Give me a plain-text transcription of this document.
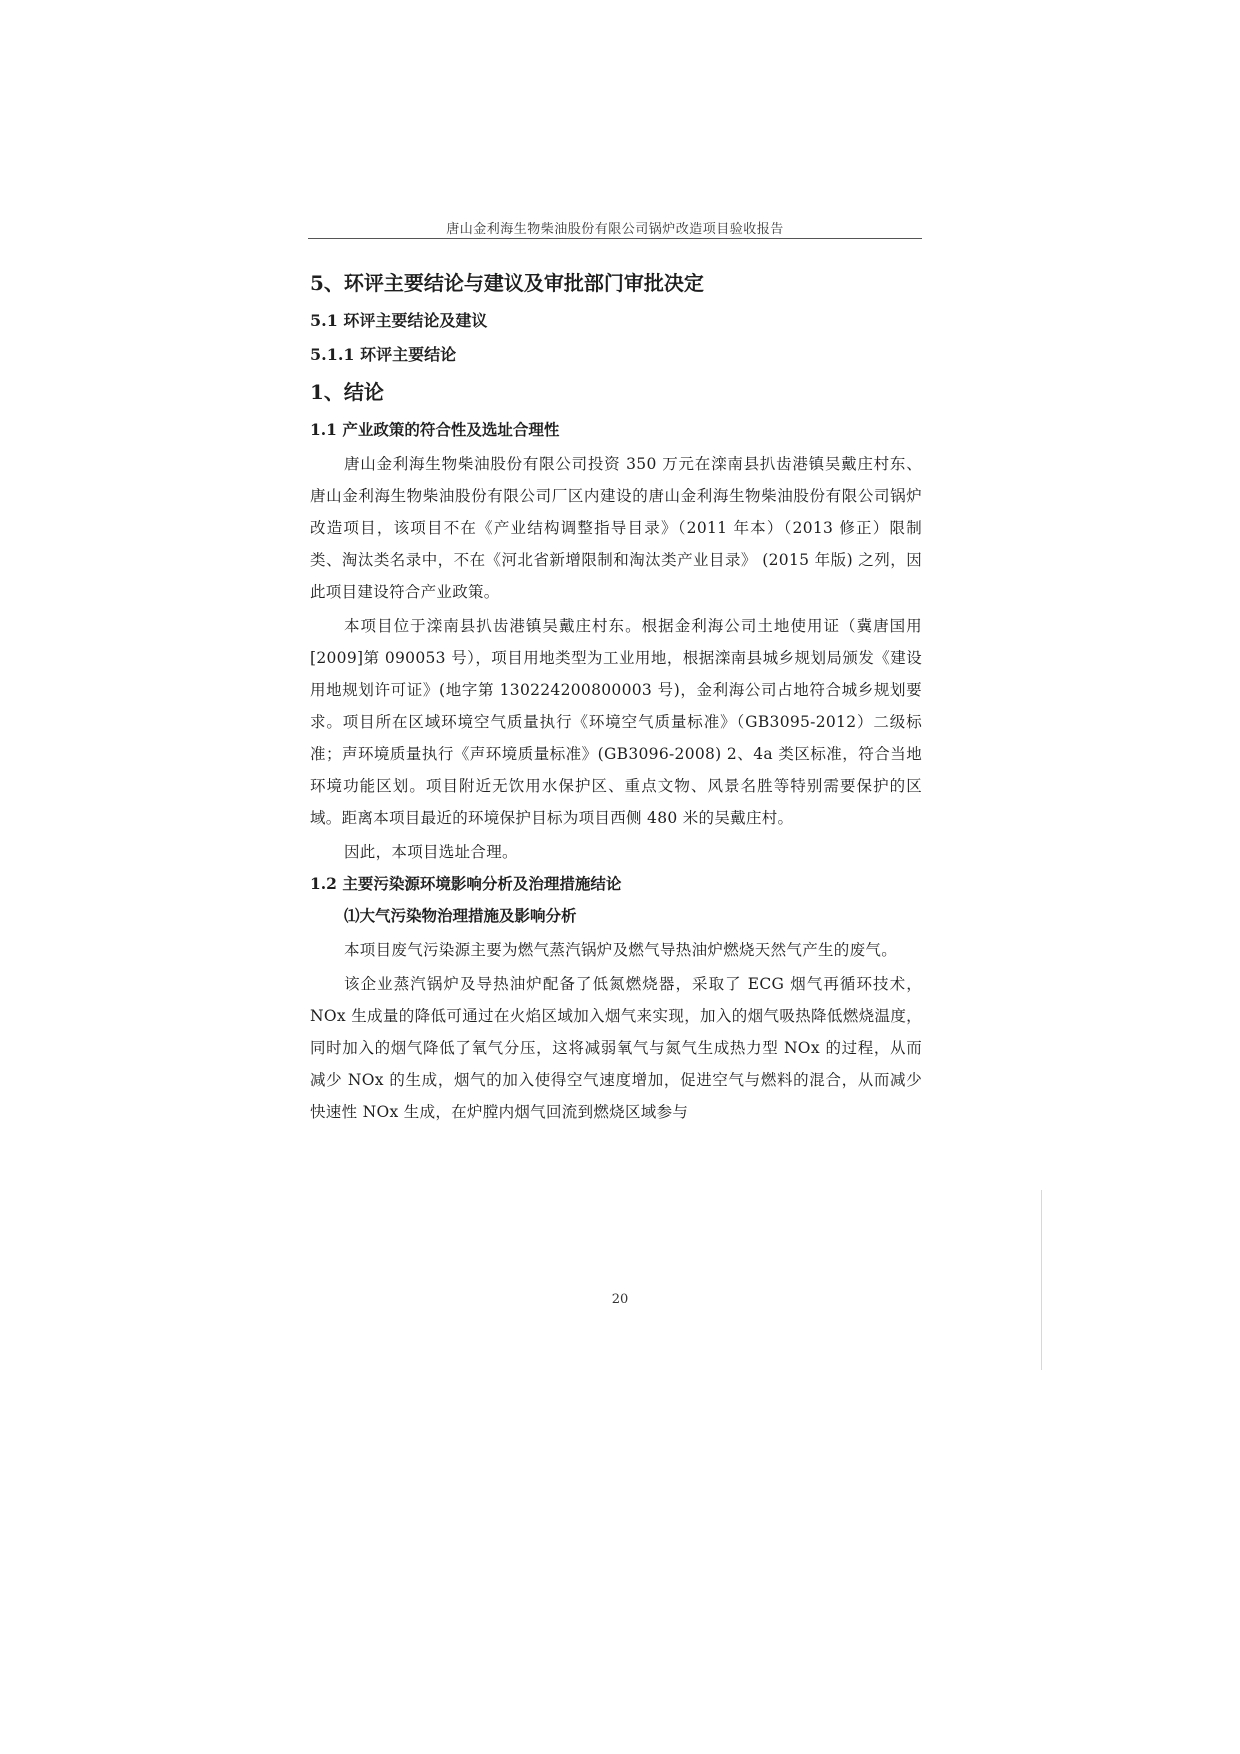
唐山金利海生物柴油股份有限公司锅炉改造项目验收报告
5、环评主要结论与建议及审批部门审批决定
5.1 环评主要结论及建议
5.1.1 环评主要结论
1、结论
1.1 产业政策的符合性及选址合理性

唐山金利海生物柴油股份有限公司投资 350 万元在滦南县扒齿港镇吴戴庄村东、唐山金利海生物柴油股份有限公司厂区内建设的唐山金利海生物柴油股份有限公司锅炉改造项目，该项目不在《产业结构调整指导目录》（2011 年本）（2013 修正）限制类、淘汰类名录中，不在《河北省新增限制和淘汰类产业目录》 (2015 年版) 之列，因此项目建设符合产业政策。

本项目位于滦南县扒齿港镇吴戴庄村东。根据金利海公司土地使用证（冀唐国用[2009]第 090053 号），项目用地类型为工业用地，根据滦南县城乡规划局颁发《建设用地规划许可证》(地字第 130224200800003 号)，金利海公司占地符合城乡规划要求。项目所在区域环境空气质量执行《环境空气质量标准》（GB3095-2012）二级标准；声环境质量执行《声环境质量标准》(GB3096-2008) 2、4a 类区标准，符合当地环境功能区划。项目附近无饮用水保护区、重点文物、风景名胜等特别需要保护的区域。距离本项目最近的环境保护目标为项目西侧 480 米的吴戴庄村。

因此，本项目选址合理。

1.2 主要污染源环境影响分析及治理措施结论
⑴大气污染物治理措施及影响分析

本项目废气污染源主要为燃气蒸汽锅炉及燃气导热油炉燃烧天然气产生的废气。

该企业蒸汽锅炉及导热油炉配备了低氮燃烧器，采取了 ECG 烟气再循环技术，NOx 生成量的降低可通过在火焰区域加入烟气来实现，加入的烟气吸热降低燃烧温度，同时加入的烟气降低了氧气分压，这将减弱氧气与氮气生成热力型 NOx 的过程，从而减少 NOx 的生成，烟气的加入使得空气速度增加，促进空气与燃料的混合，从而减少快速性 NOx 生成，在炉膛内烟气回流到燃烧区域参与

20
